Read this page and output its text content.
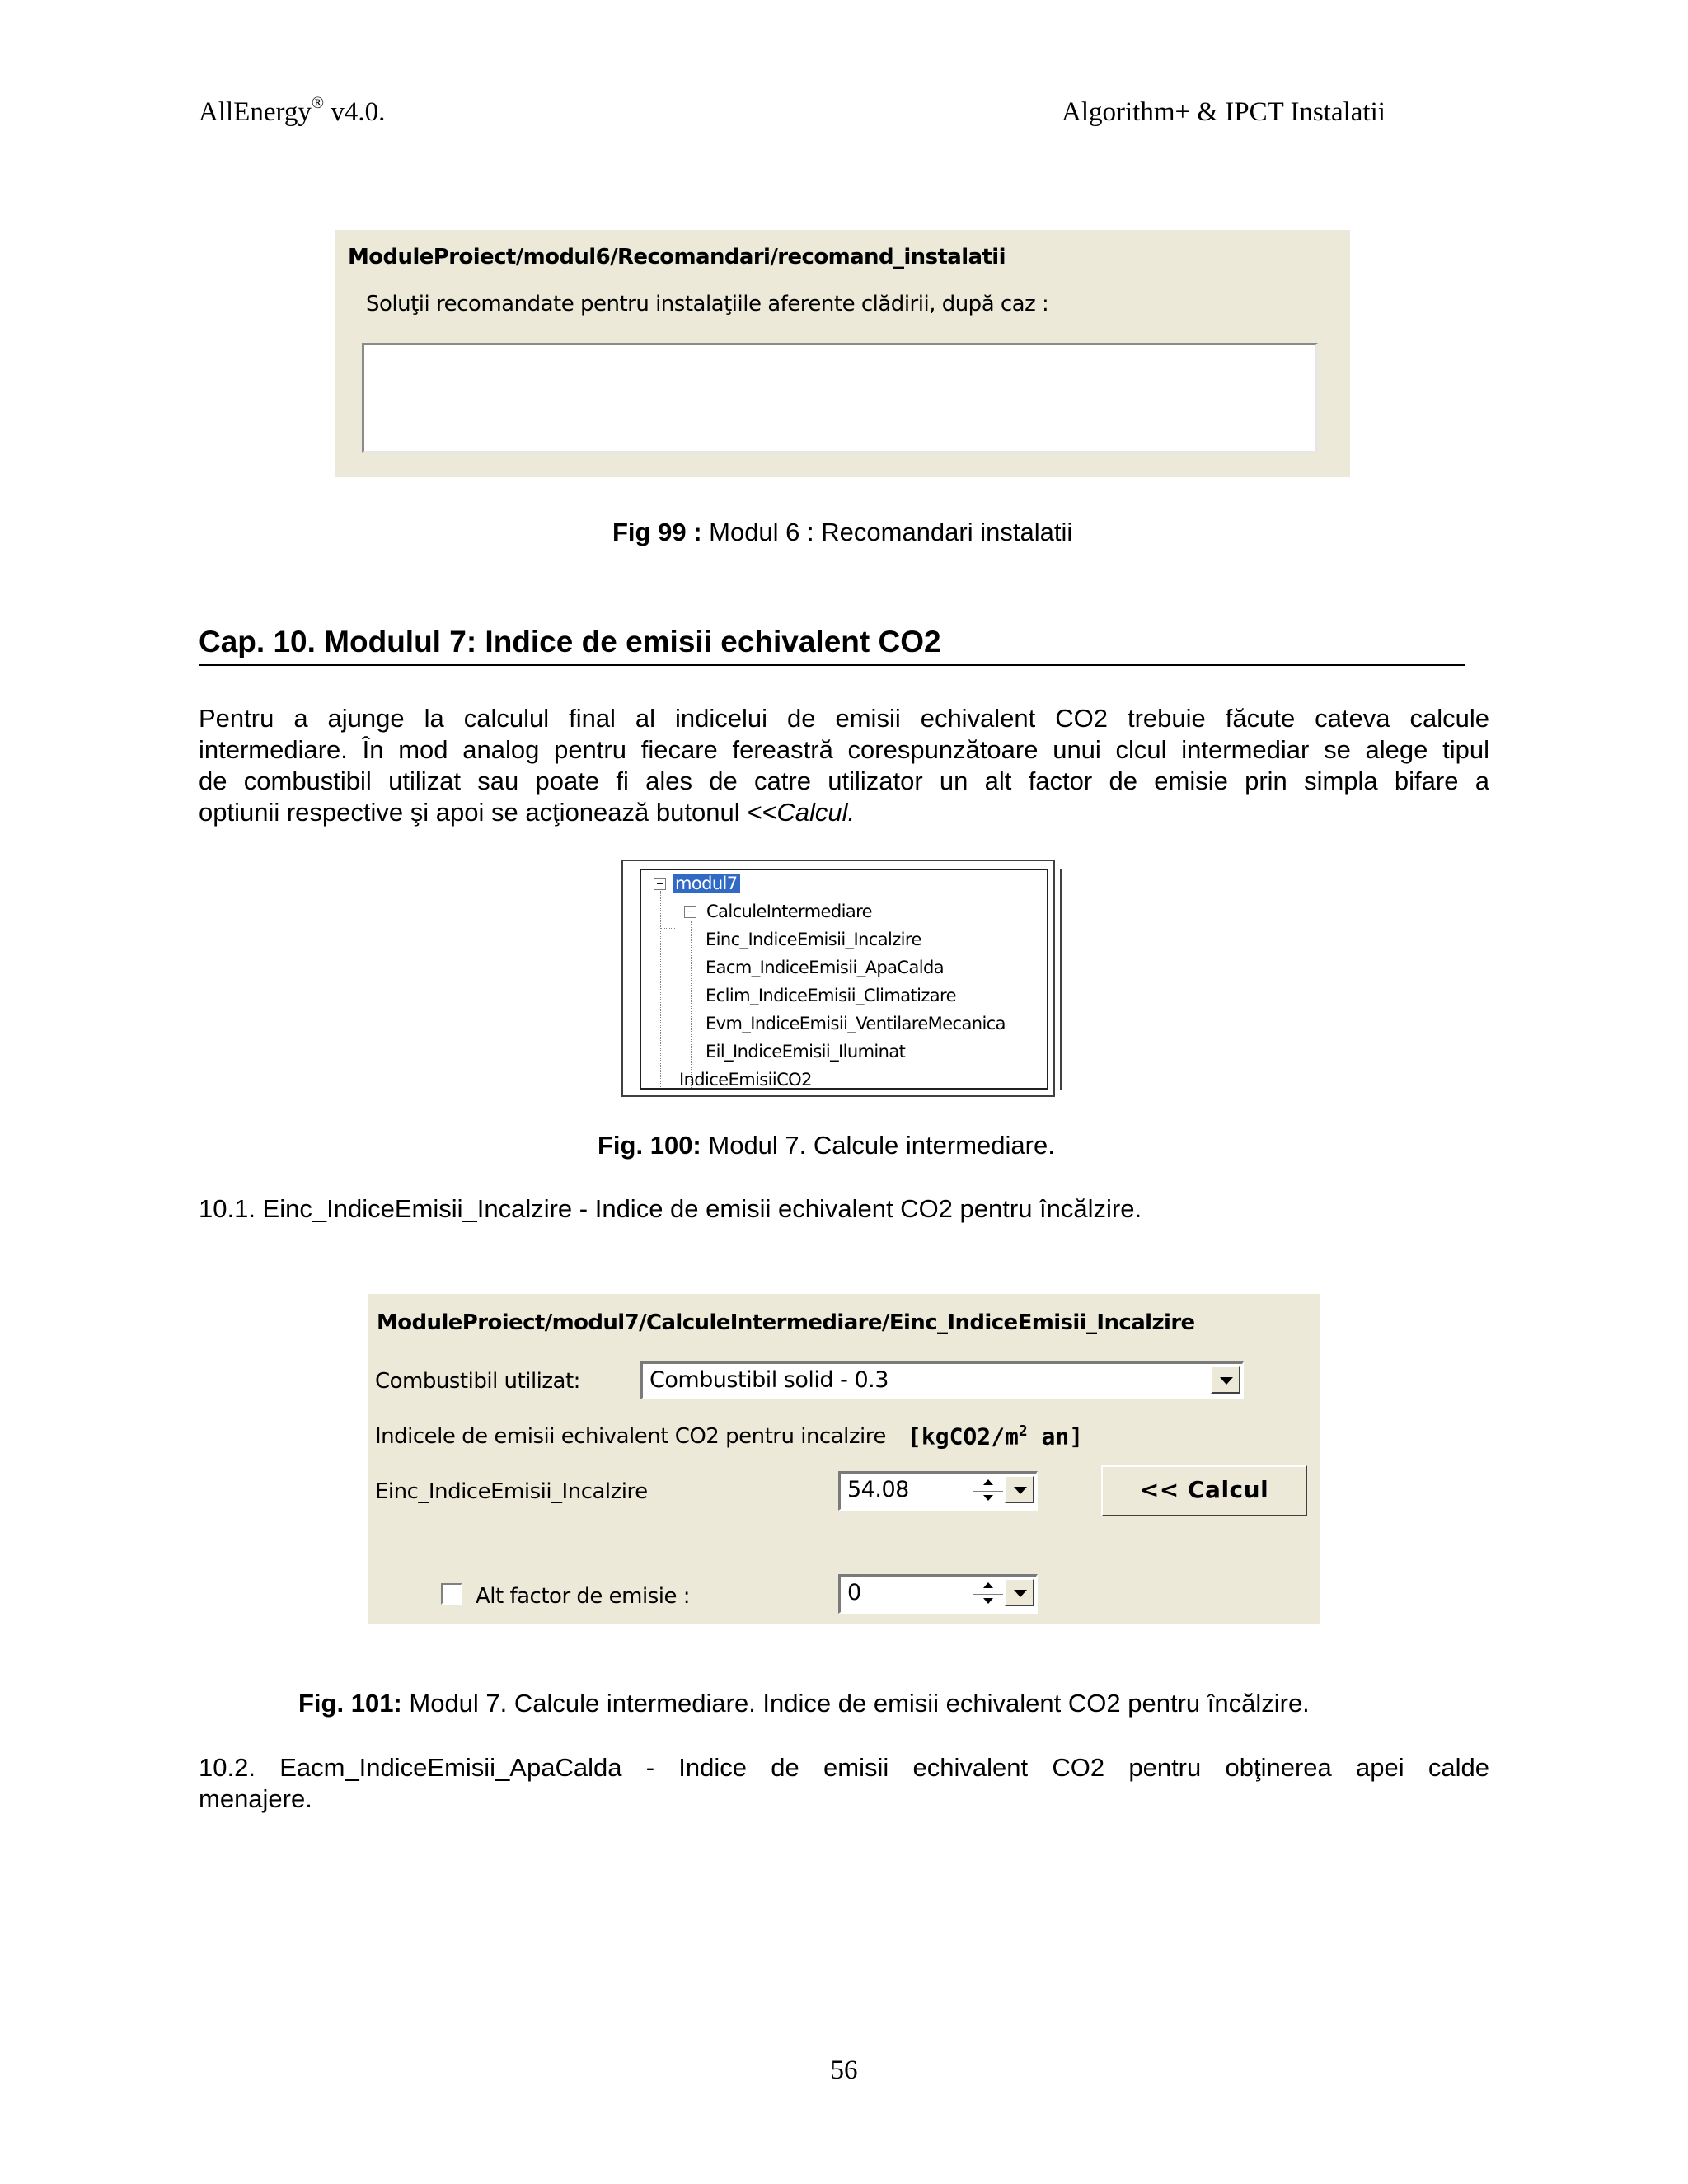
AllEnergy® v4.0.	Algorithm+ & IPCT Instalatii
ModuleProiect/modul6/Recomandari/recomand_instalatii
Soluţii recomandate pentru instalaţiile aferente clădirii, după caz :
Fig 99 : Modul 6 : Recomandari instalatii
Cap. 10. Modulul 7: Indice de emisii echivalent CO2
Pentru a ajunge la calculul final al indicelui de emisii echivalent CO2 trebuie făcute cateva calcule
intermediare. În mod analog pentru fiecare fereastră corespunzătoare unui clcul intermediar se alege tipul
de combustibil utilizat sau poate fi ales de catre utilizator un alt factor de emisie prin simpla bifare a
optiunii respective şi apoi se acţionează butonul <<Calcul.
− modul7
− CalculeIntermediare
Einc_IndiceEmisii_Incalzire
Eacm_IndiceEmisii_ApaCalda
Eclim_IndiceEmisii_Climatizare
Evm_IndiceEmisii_VentilareMecanica
Eil_IndiceEmisii_Iluminat
IndiceEmisiiCO2
Fig. 100: Modul 7. Calcule intermediare.
10.1. Einc_IndiceEmisii_Incalzire - Indice de emisii echivalent CO2 pentru încălzire.
ModuleProiect/modul7/CalculeIntermediare/Einc_IndiceEmisii_Incalzire
Combustibil utilizat:	Combustibil solid - 0.3
Indicele de emisii echivalent CO2 pentru incalzire [$kgCO2/m^2$ an]
Einc_IndiceEmisii_Incalzire	54.08	<< Calcul
Alt factor de emisie :	0
Fig. 101: Modul 7. Calcule intermediare. Indice de emisii echivalent CO2 pentru încălzire.
10.2. Eacm_IndiceEmisii_ApaCalda - Indice de emisii echivalent CO2 pentru obţinerea apei calde
menajere.
56
